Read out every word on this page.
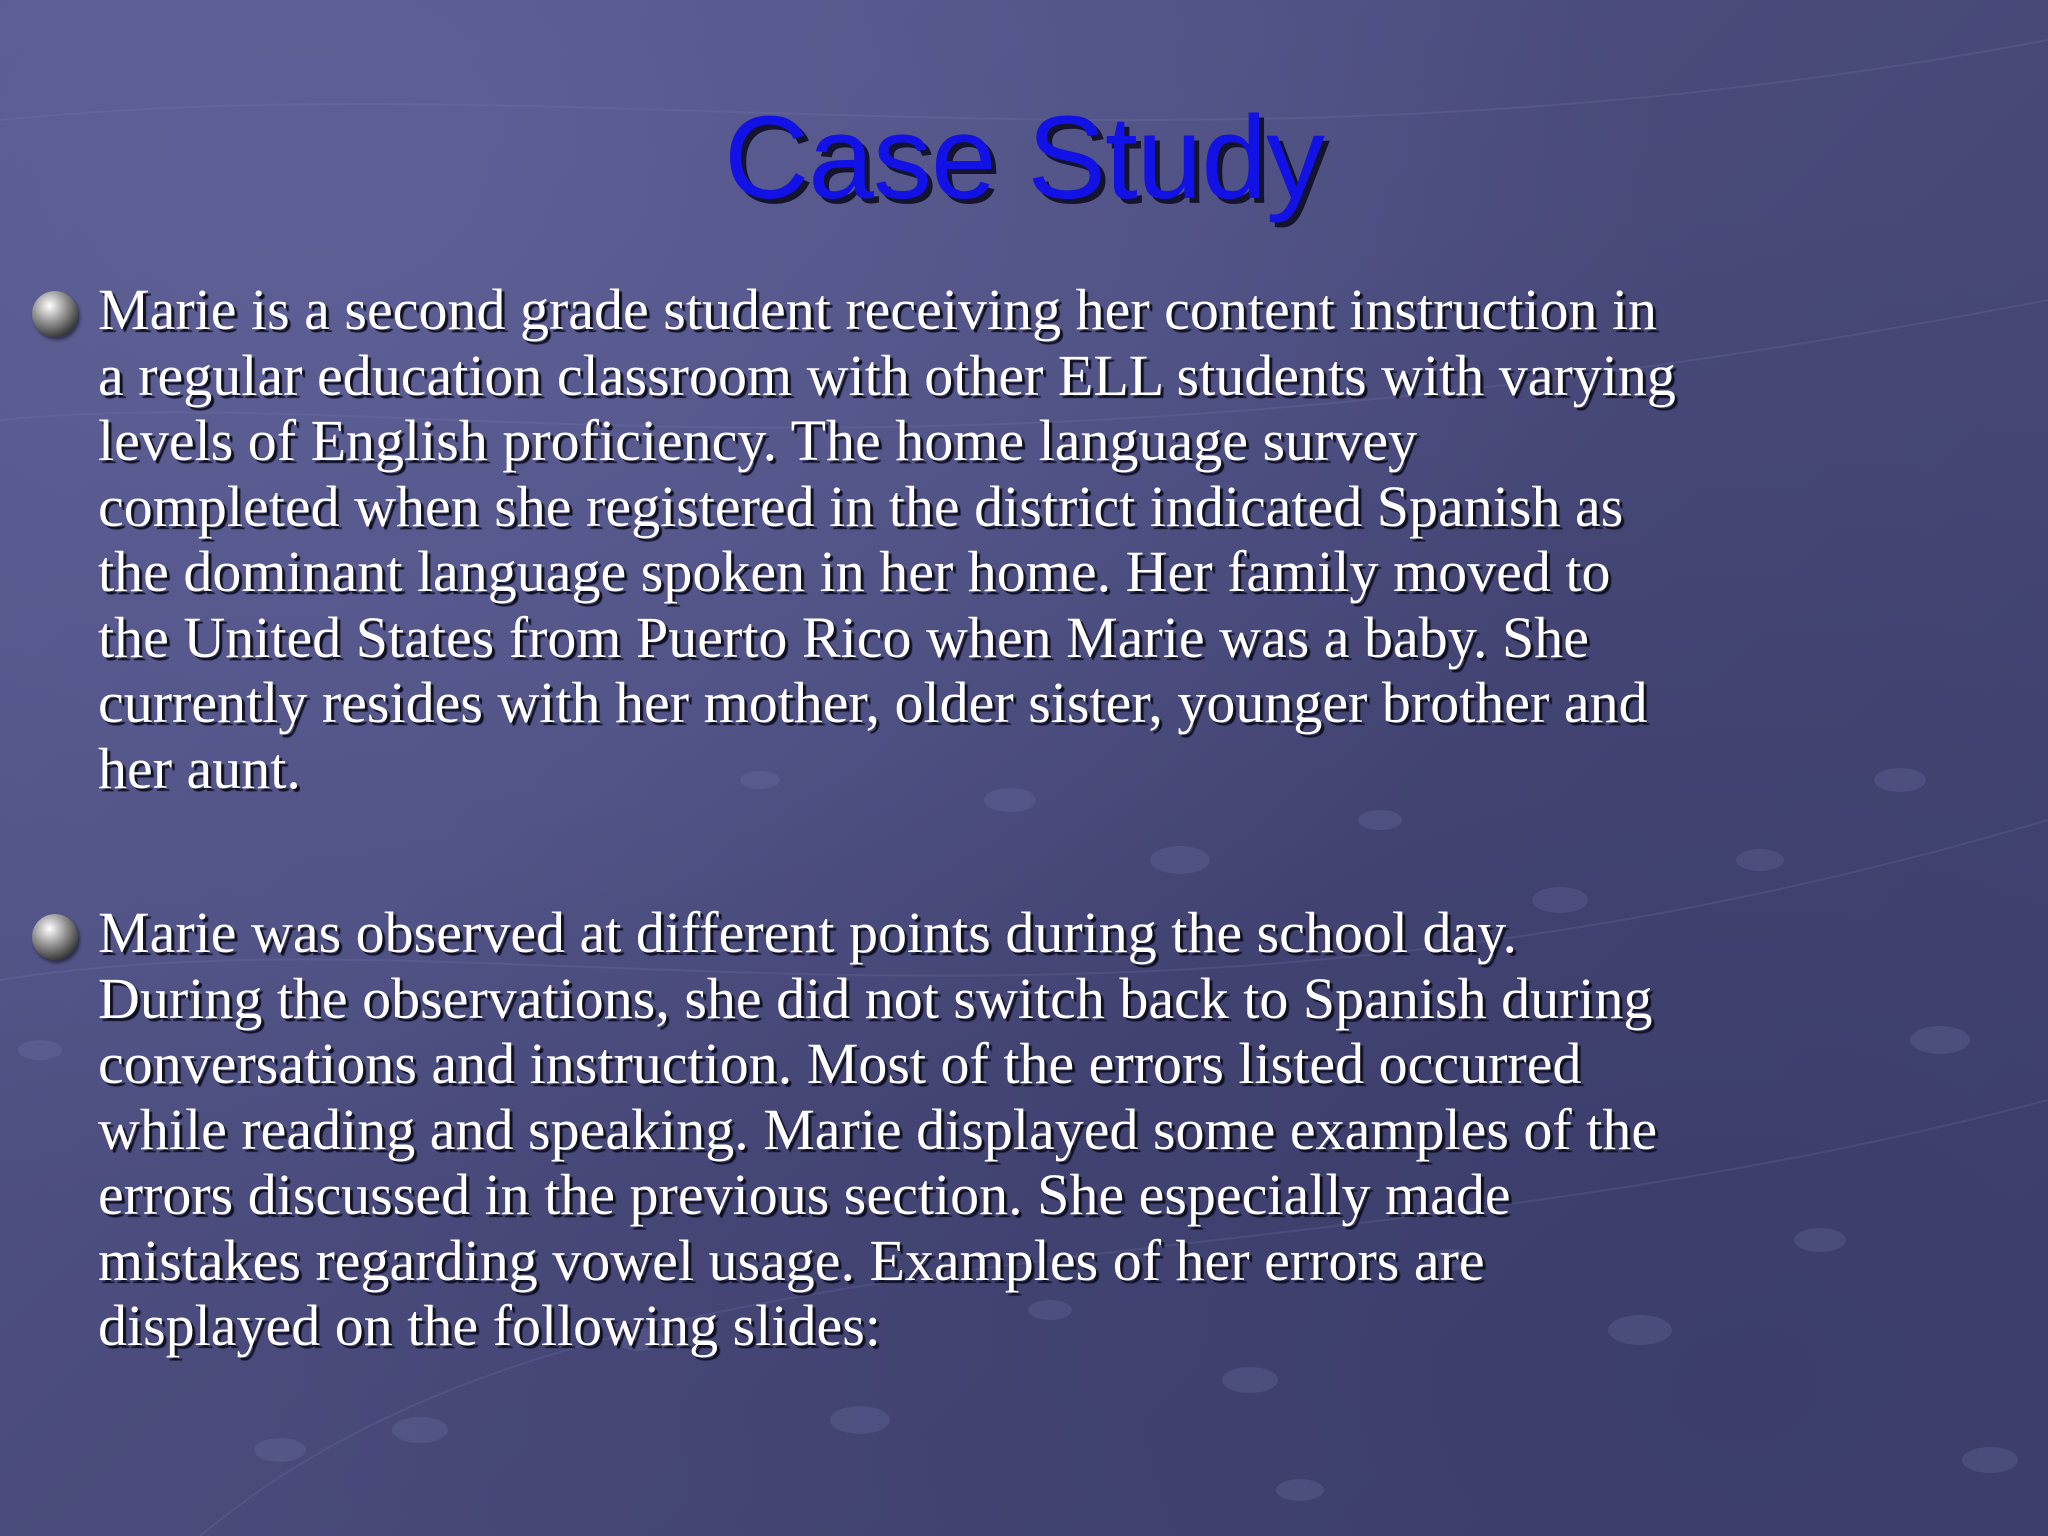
Case Study

Marie is a second grade student receiving her content instruction in
a regular education classroom with other ELL students with varying
levels of English proficiency. The home language survey
completed when she registered in the district indicated Spanish as
the dominant language spoken in her home. Her family moved to
the United States from Puerto Rico when Marie was a baby. She
currently resides with her mother, older sister, younger brother and
her aunt.

Marie was observed at different points during the school day.
During the observations, she did not switch back to Spanish during
conversations and instruction. Most of the errors listed occurred
while reading and speaking. Marie displayed some examples of the
errors discussed in the previous section. She especially made
mistakes regarding vowel usage. Examples of her errors are
displayed on the following slides:
